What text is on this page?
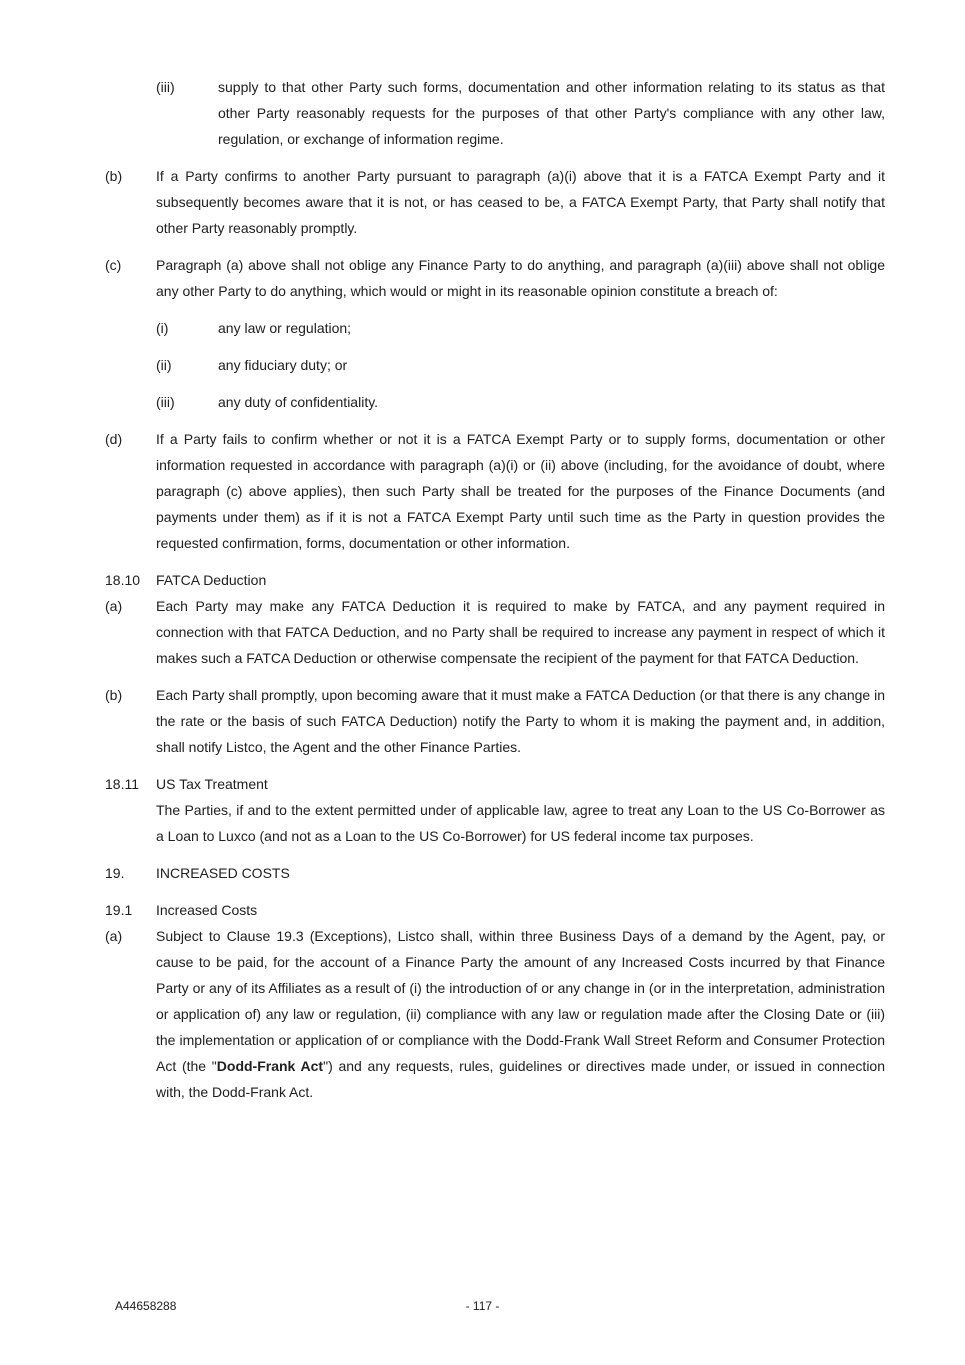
(iii)	supply to that other Party such forms, documentation and other information relating to its status as that other Party reasonably requests for the purposes of that other Party's compliance with any other law, regulation, or exchange of information regime.
(b)	If a Party confirms to another Party pursuant to paragraph (a)(i) above that it is a FATCA Exempt Party and it subsequently becomes aware that it is not, or has ceased to be, a FATCA Exempt Party, that Party shall notify that other Party reasonably promptly.
(c)	Paragraph (a) above shall not oblige any Finance Party to do anything, and paragraph (a)(iii) above shall not oblige any other Party to do anything, which would or might in its reasonable opinion constitute a breach of:
(i)	any law or regulation;
(ii)	any fiduciary duty; or
(iii)	any duty of confidentiality.
(d)	If a Party fails to confirm whether or not it is a FATCA Exempt Party or to supply forms, documentation or other information requested in accordance with paragraph (a)(i) or (ii) above (including, for the avoidance of doubt, where paragraph (c) above applies), then such Party shall be treated for the purposes of the Finance Documents (and payments under them) as if it is not a FATCA Exempt Party until such time as the Party in question provides the requested confirmation, forms, documentation or other information.
18.10	FATCA Deduction
(a)	Each Party may make any FATCA Deduction it is required to make by FATCA, and any payment required in connection with that FATCA Deduction, and no Party shall be required to increase any payment in respect of which it makes such a FATCA Deduction or otherwise compensate the recipient of the payment for that FATCA Deduction.
(b)	Each Party shall promptly, upon becoming aware that it must make a FATCA Deduction (or that there is any change in the rate or the basis of such FATCA Deduction) notify the Party to whom it is making the payment and, in addition, shall notify Listco, the Agent and the other Finance Parties.
18.11	US Tax Treatment
The Parties, if and to the extent permitted under of applicable law, agree to treat any Loan to the US Co-Borrower as a Loan to Luxco (and not as a Loan to the US Co-Borrower) for US federal income tax purposes.
19.	INCREASED COSTS
19.1	Increased Costs
(a)	Subject to Clause 19.3 (Exceptions), Listco shall, within three Business Days of a demand by the Agent, pay, or cause to be paid, for the account of a Finance Party the amount of any Increased Costs incurred by that Finance Party or any of its Affiliates as a result of (i) the introduction of or any change in (or in the interpretation, administration or application of) any law or regulation, (ii) compliance with any law or regulation made after the Closing Date or (iii) the implementation or application of or compliance with the Dodd-Frank Wall Street Reform and Consumer Protection Act (the "Dodd-Frank Act") and any requests, rules, guidelines or directives made under, or issued in connection with, the Dodd-Frank Act.
A44658288	- 117 -
